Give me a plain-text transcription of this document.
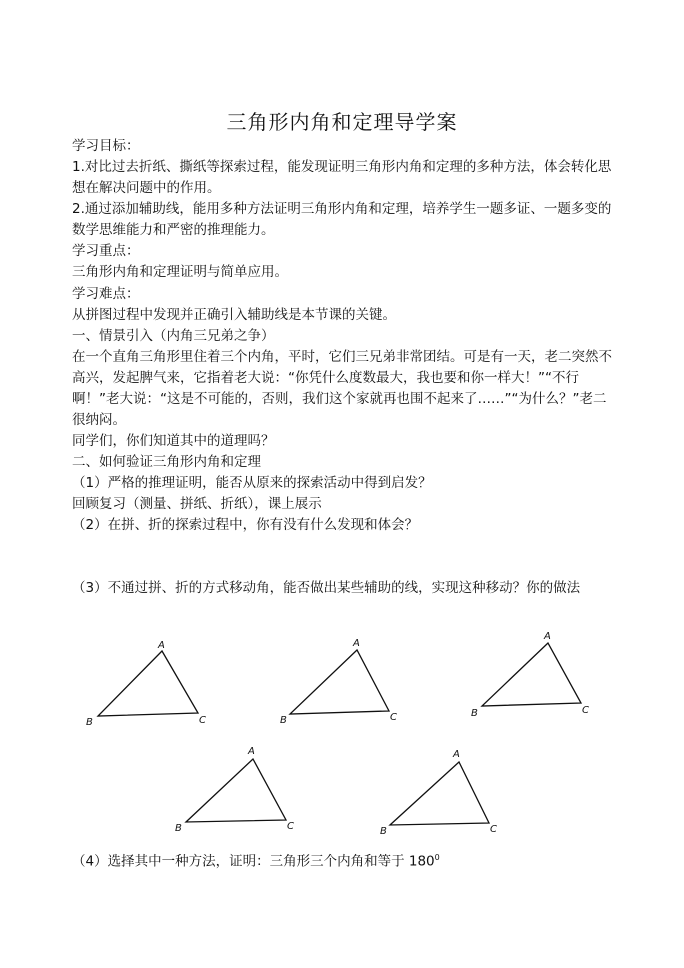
三角形内角和定理导学案
学习目标：
1.对比过去折纸、撕纸等探索过程，能发现证明三角形内角和定理的多种方法，体会转化思想在解决问题中的作用。
2.通过添加辅助线，能用多种方法证明三角形内角和定理，培养学生一题多证、一题多变的数学思维能力和严密的推理能力。
学习重点：
三角形内角和定理证明与简单应用。
学习难点：
从拼图过程中发现并正确引入辅助线是本节课的关键。
一、情景引入（内角三兄弟之争）
在一个直角三角形里住着三个内角，平时，它们三兄弟非常团结。可是有一天，老二突然不高兴，发起脾气来，它指着老大说：“你凭什么度数最大，我也要和你一样大！”“不行啊！”老大说：“这是不可能的，否则，我们这个家就再也围不起来了……”“为什么？”老二很纳闷。
同学们，你们知道其中的道理吗？
二、如何验证三角形内角和定理
（1）严格的推理证明，能否从原来的探索活动中得到启发？
回顾复习（测量、拼纸、折纸），课上展示
（2）在拼、折的探索过程中，你有没有什么发现和体会？
（3）不通过拼、折的方式移动角，能否做出某些辅助的线，实现这种移动？你的做法
（4）选择其中一种方法，证明：三角形三个内角和等于 $180^0$
A
B	C
A
B	C
A
B	C
A
B	C
A
B	C
